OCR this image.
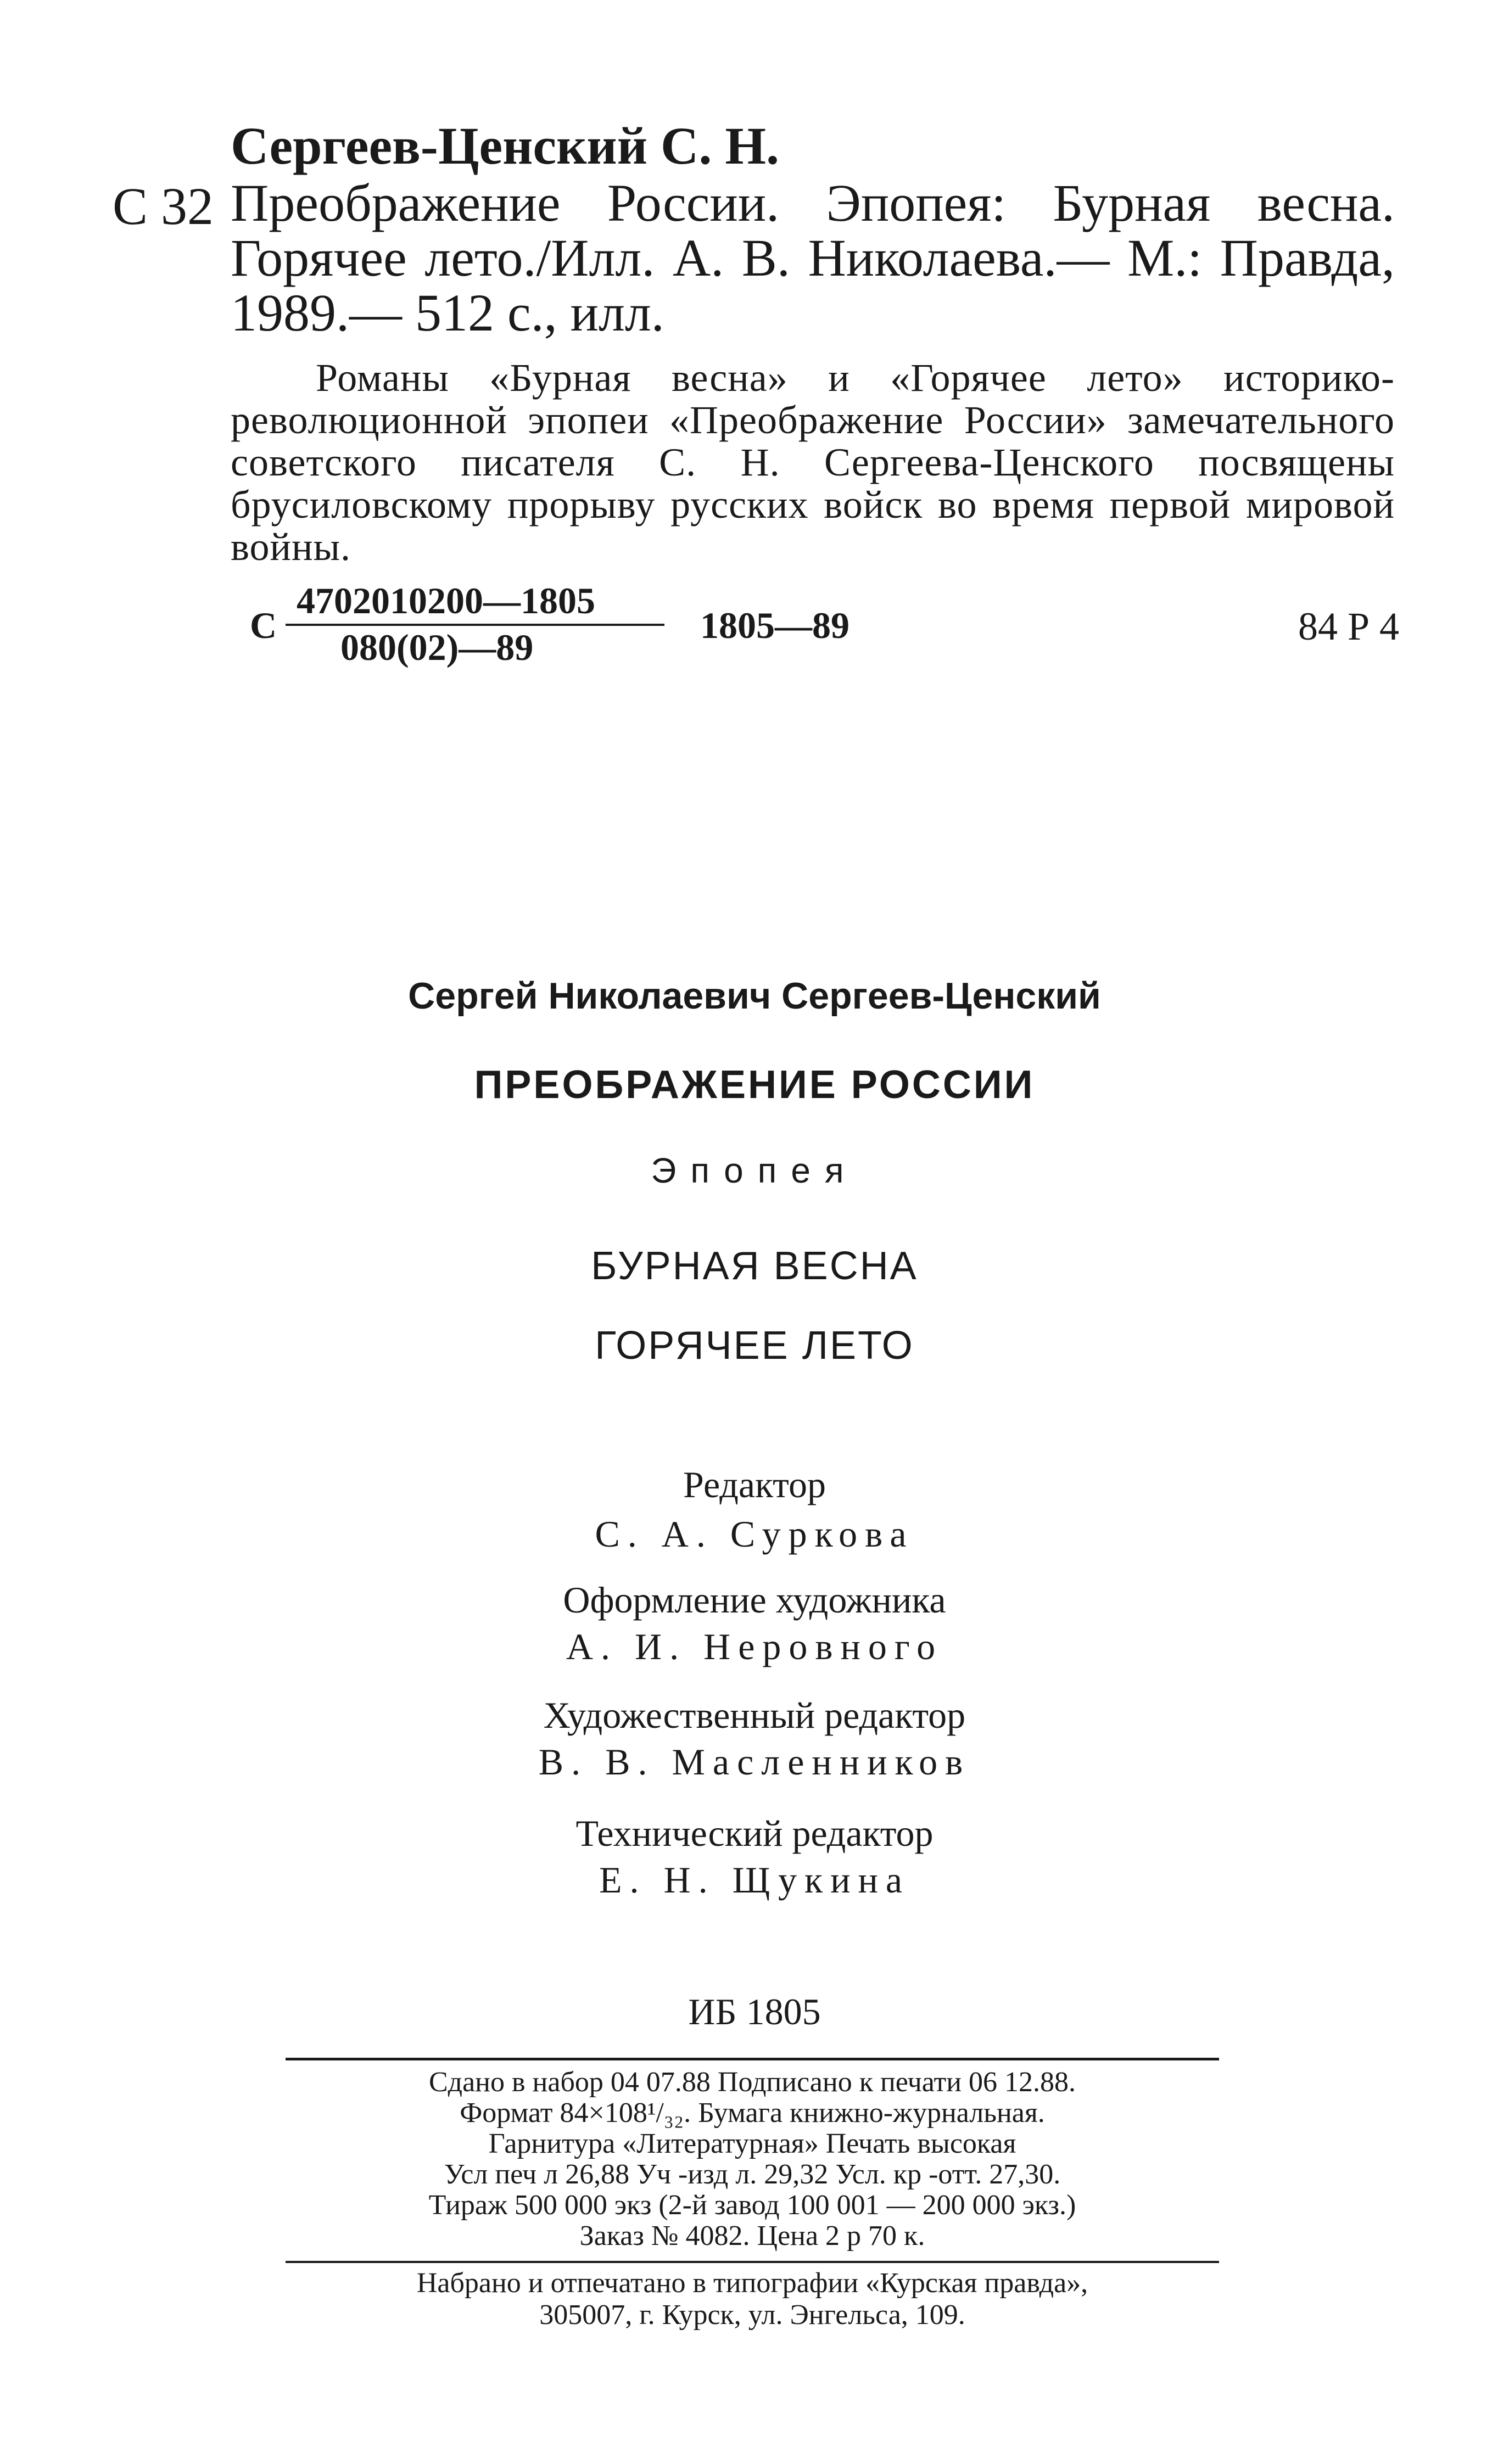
Сергеев-Ценский С. Н.
С 32 Преображение России. Эпопея: Бурная весна. Горячее лето./Илл. А. В. Николаева.— М.: Правда, 1989.— 512 с., илл.
Романы «Бурная весна» и «Горячее лето» историко-революционной эпопеи «Преображение России» замечательного советского писателя С. Н. Сергеева-Ценского посвящены брусиловскому прорыву русских войск во время первой мировой войны.
С
4702010200—1805
080(02)—89
1805—89	84 Р 4
Сергей Николаевич Сергеев-Ценский
ПРЕОБРАЖЕНИЕ РОССИИ
Эпопея
БУРНАЯ ВЕСНА
ГОРЯЧЕЕ ЛЕТО
Редактор
С. А. Суркова
Оформление художника
А. И. Неровного
Художественный редактор
В. В. Масленников
Технический редактор
Е. Н. Щукина
ИБ 1805
Сдано в набор 04 07.88 Подписано к печати 06 12.88.
Формат 84×108¹/₃₂. Бумага книжно-журнальная.
Гарнитура «Литературная» Печать высокая
Усл печ л 26,88 Уч -изд л. 29,32 Усл. кр -отт. 27,30.
Тираж 500 000 экз (2-й завод 100 001 — 200 000 экз.)
Заказ № 4082. Цена 2 р 70 к.
Набрано и отпечатано в типографии «Курская правда»,
305007, г. Курск, ул. Энгельса, 109.
